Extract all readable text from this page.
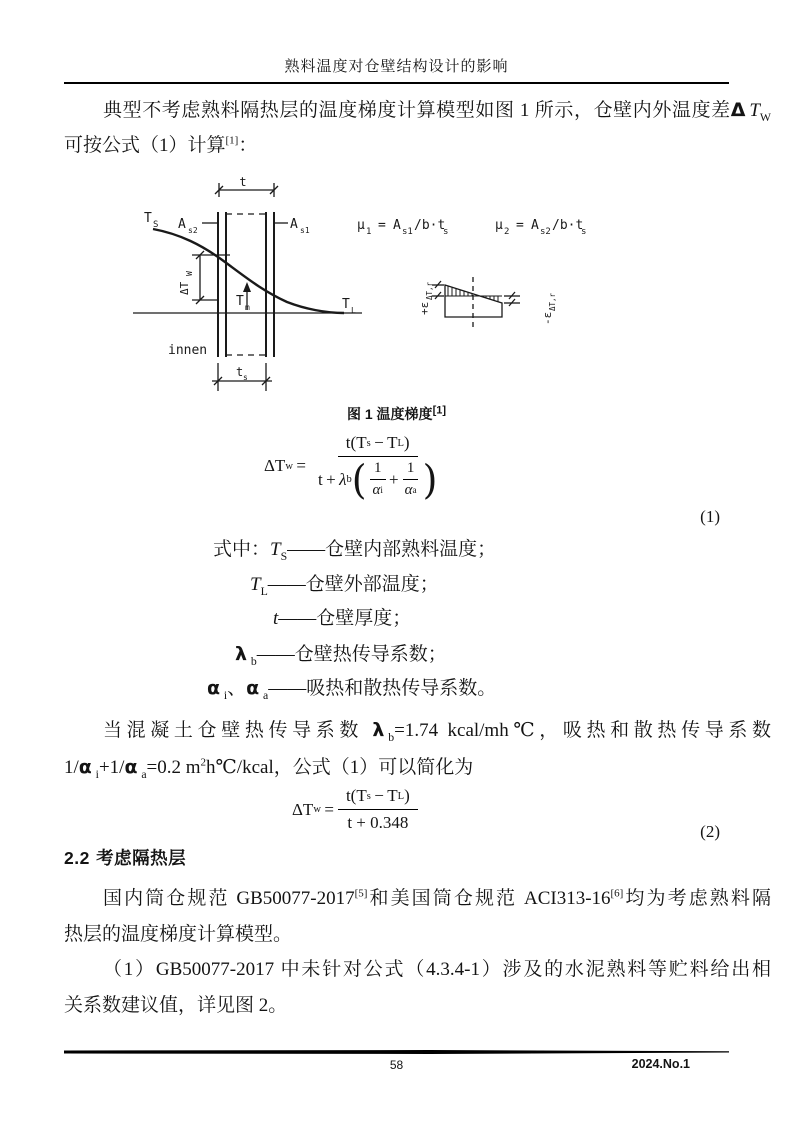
熟料温度对仓壁结构设计的影响
典型不考虑熟料隔热层的温度梯度计算模型如图 1 所示，仓壁内外温度差Δ  $T_W$
可按公式（1）计算[1]：
t
T S A s2	A s1
ΔT
W
T m	T L
innen
t s
μ 1 = A s1 /b·t
s	μ 2 = A s2 /b·t
s
+ε
ΔT,r
-ε
ΔT,r
图 1 温度梯度[1]
ΔT w
  = t ( T s
  −
  T L )
t
  +
  λ b ( $\frac{1}{\text{α i}} + \frac{1}{\text{α a}}$ )
(1)
式中：$T_S——$仓壁内部熟料温度；
$T_L——$仓壁外部温度；
t——仓壁厚度；
λ  $_b$——仓壁热传导系数；
α  $_i$、α  $_a$——吸热和散热传导系数。
当混凝土仓壁热传导系数 λ  $_b$=1.74 kcal/mh℃，吸热和散热传导系数
1/α  $_i$+1/α  $_a$=0.2 m$^2$h℃/kcal，公式（1）可以简化为
ΔT w
  = t ( T s
  −
  T L )
t + 0.348	(2)
2.2  考虑隔热层
国内筒仓规范 GB50077-2017[5]和美国筒仓规范 ACI313-16[6]均为考虑熟料隔
热层的温度梯度计算模型。
（1）GB50077-2017 中未针对公式（4.3.4-1）涉及的水泥熟料等贮料给出相
关系数建议值，详见图 2。
58	2024.No.1
